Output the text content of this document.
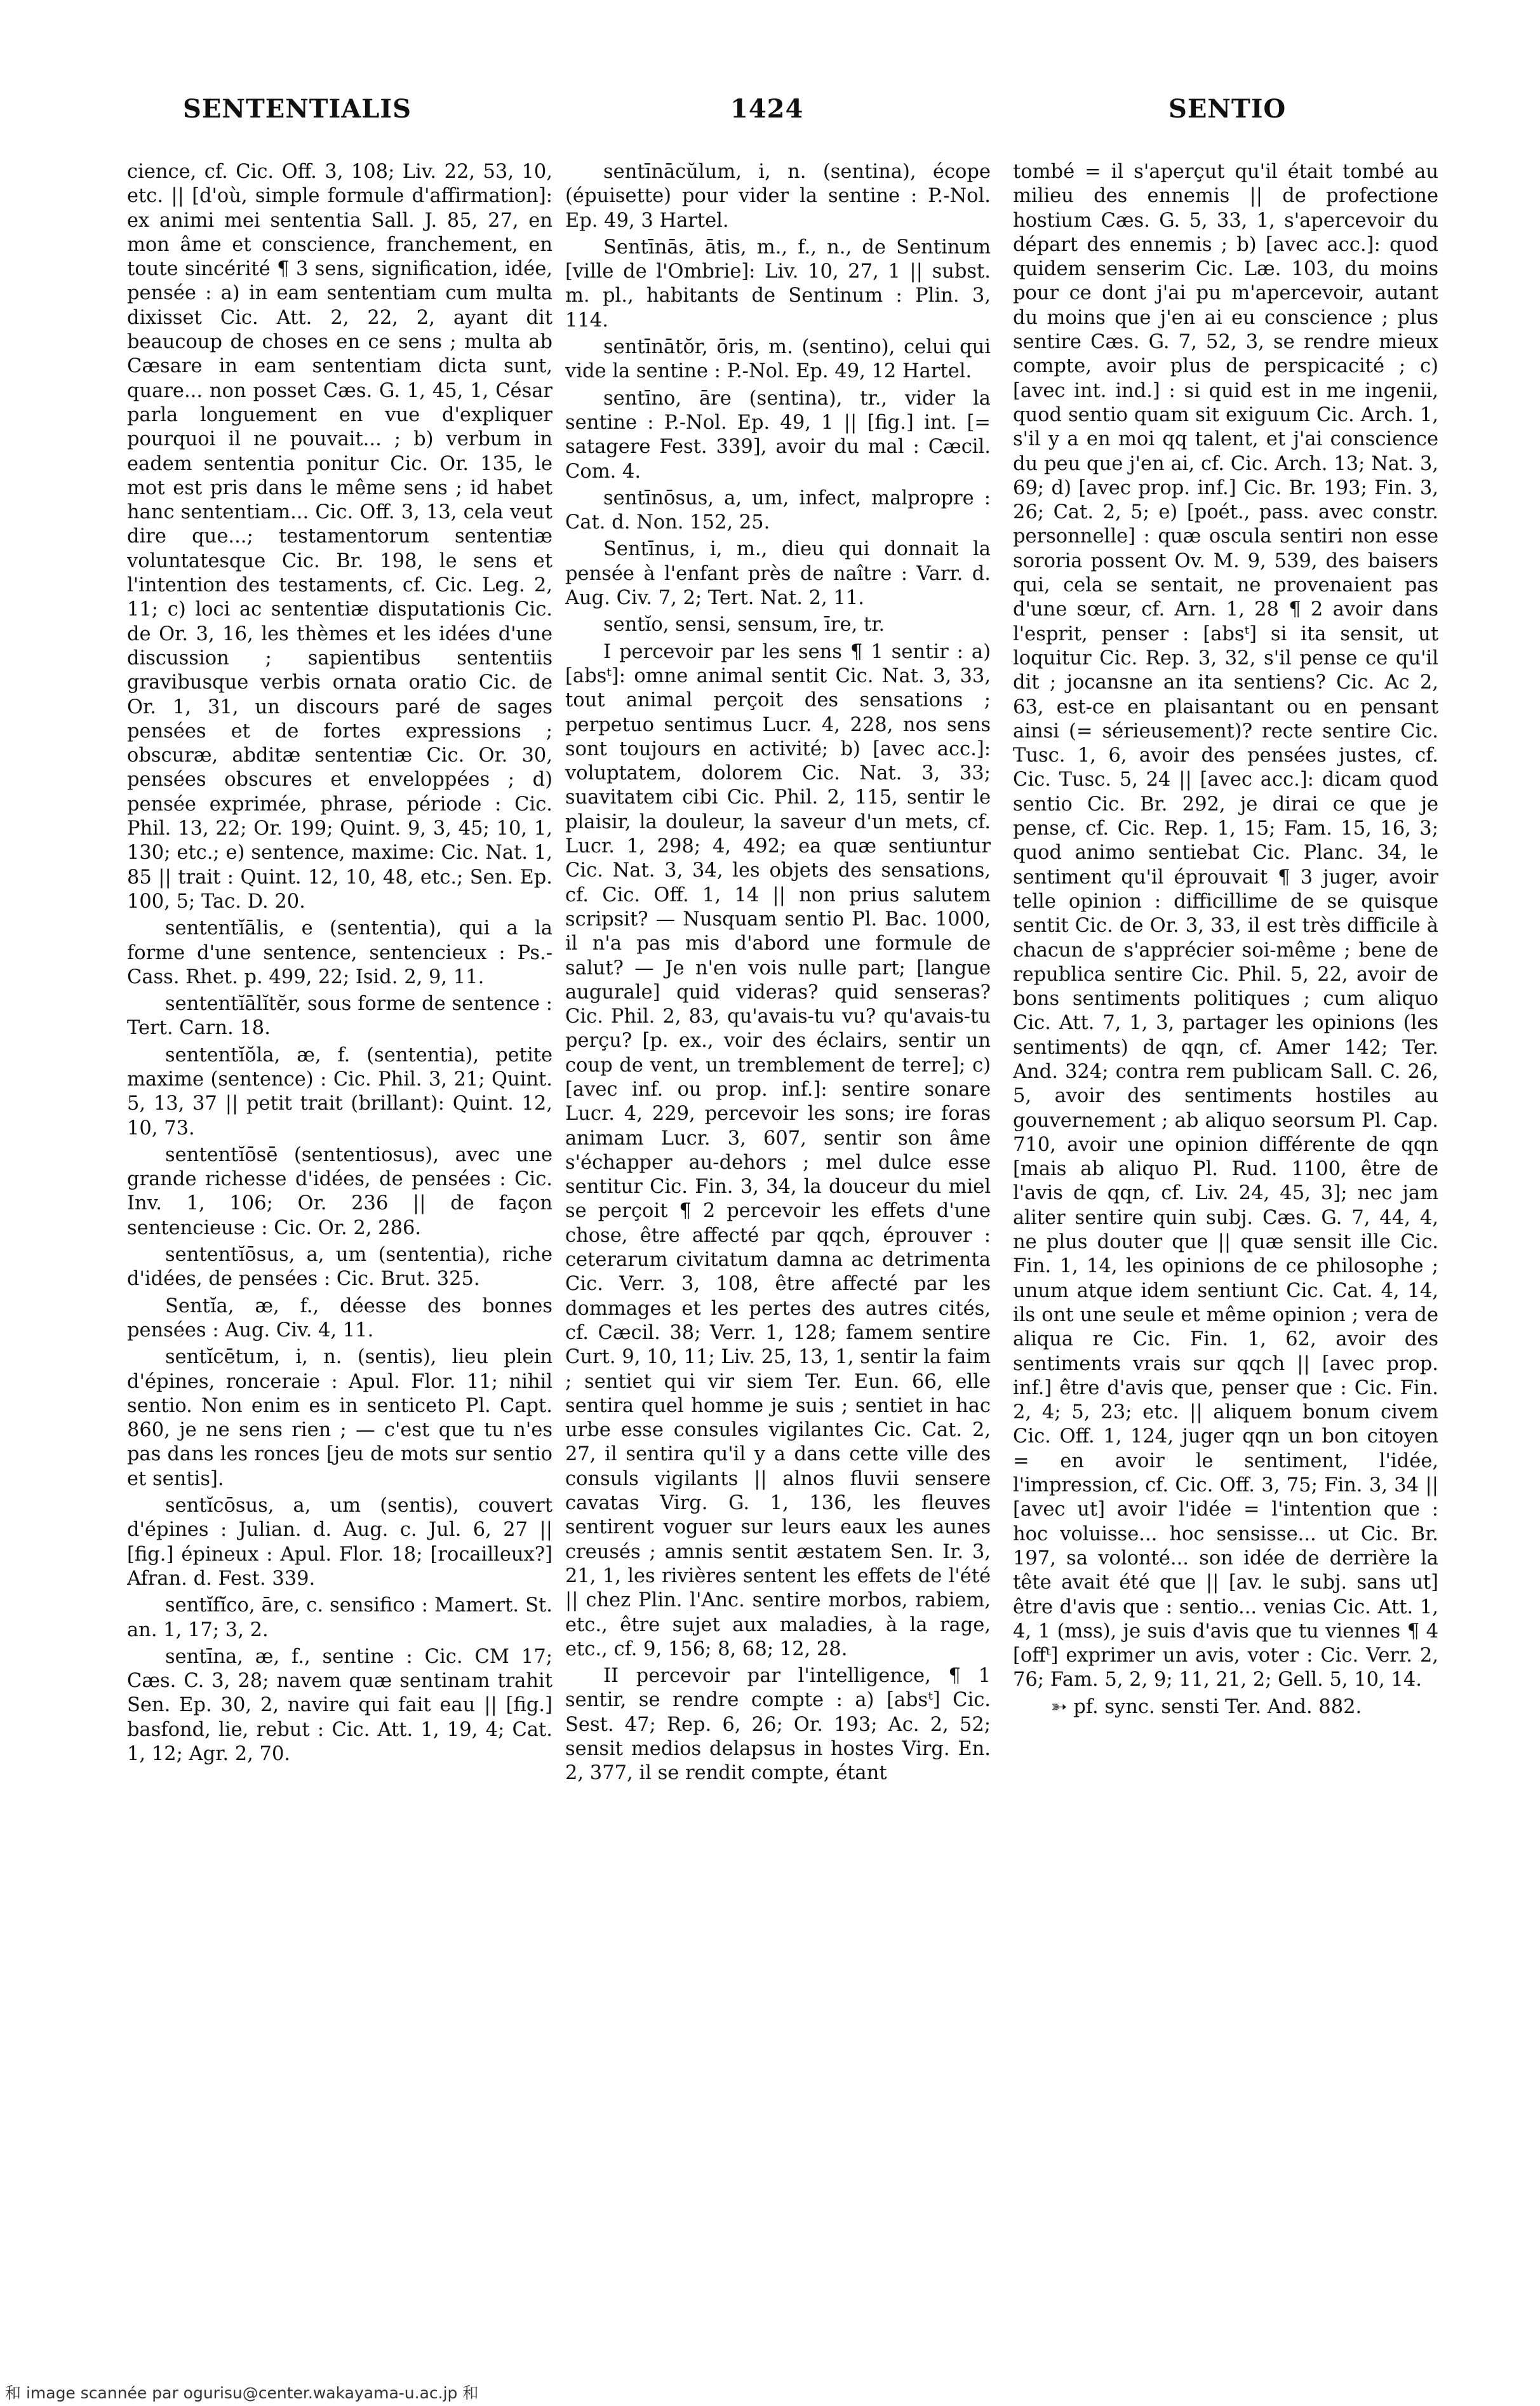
SENTENTIALIS	1424	SENTIO

cience, cf. Cic. Off. 3, 108; Liv. 22, 53, 10, etc. || [d'où, simple formule d'affirmation]: ex animi mei sententia Sall. J. 85, 27, en mon âme et conscience, franchement, en toute sincérité ¶ 3 sens, signification, idée, pensée : a) in eam sententiam cum multa dixisset Cic. Att. 2, 22, 2, ayant dit beaucoup de choses en ce sens ; multa ab Cæsare in eam sententiam dicta sunt, quare... non posset Cæs. G. 1, 45, 1, César parla longuement en vue d'expliquer pourquoi il ne pouvait... ; b) verbum in eadem sententia ponitur Cic. Or. 135, le mot est pris dans le même sens ; id habet hanc sententiam... Cic. Off. 3, 13, cela veut dire que...; testamentorum sententiæ voluntatesque Cic. Br. 198, le sens et l'intention des testaments, cf. Cic. Leg. 2, 11; c) loci ac sententiæ disputationis Cic. de Or. 3, 16, les thèmes et les idées d'une discussion ; sapientibus sententiis gravibusque verbis ornata oratio Cic. de Or. 1, 31, un discours paré de sages pensées et de fortes expressions ; obscuræ, abditæ sententiæ Cic. Or. 30, pensées obscures et enveloppées ; d) pensée exprimée, phrase, période : Cic. Phil. 13, 22; Or. 199; Quint. 9, 3, 45; 10, 1, 130; etc.; e) sentence, maxime: Cic. Nat. 1, 85 || trait : Quint. 12, 10, 48, etc.; Sen. Ep. 100, 5; Tac. D. 20.

sententĭālis, e (sententia), qui a la forme d'une sentence, sentencieux : Ps.-Cass. Rhet. p. 499, 22; Isid. 2, 9, 11.

sententĭālĭtĕr, sous forme de sentence : Tert. Carn. 18.

sententĭŏla, æ, f. (sententia), petite maxime (sentence) : Cic. Phil. 3, 21; Quint. 5, 13, 37 || petit trait (brillant): Quint. 12, 10, 73.

sententĭōsē (sententiosus), avec une grande richesse d'idées, de pensées : Cic. Inv. 1, 106; Or. 236 || de façon sentencieuse : Cic. Or. 2, 286.

sententĭōsus, a, um (sententia), riche d'idées, de pensées : Cic. Brut. 325.

Sentĭa, æ, f., déesse des bonnes pensées : Aug. Civ. 4, 11.

sentĭcētum, i, n. (sentis), lieu plein d'épines, ronceraie : Apul. Flor. 11; nihil sentio. Non enim es in senticeto Pl. Capt. 860, je ne sens rien ; — c'est que tu n'es pas dans les ronces [jeu de mots sur sentio et sentis].

sentĭcōsus, a, um (sentis), couvert d'épines : Julian. d. Aug. c. Jul. 6, 27 || [fig.] épineux : Apul. Flor. 18; [rocailleux?] Afran. d. Fest. 339.

sentĭfĭco, āre, c. sensifico : Mamert. St. an. 1, 17; 3, 2.

sentīna, æ, f., sentine : Cic. CM 17; Cæs. C. 3, 28; navem quæ sentinam trahit Sen. Ep. 30, 2, navire qui fait eau || [fig.] basfond, lie, rebut : Cic. Att. 1, 19, 4; Cat. 1, 12; Agr. 2, 70.

sentīnācŭlum, i, n. (sentina), écope (épuisette) pour vider la sentine : P.-Nol. Ep. 49, 3 Hartel.

Sentīnās, ātis, m., f., n., de Sentinum [ville de l'Ombrie]: Liv. 10, 27, 1 || subst. m. pl., habitants de Sentinum : Plin. 3, 114.

sentīnātŏr, ōris, m. (sentino), celui qui vide la sentine : P.-Nol. Ep. 49, 12 Hartel.

sentīno, āre (sentina), tr., vider la sentine : P.-Nol. Ep. 49, 1 || [fig.] int. [= satagere Fest. 339], avoir du mal : Cæcil. Com. 4.

sentīnōsus, a, um, infect, malpropre : Cat. d. Non. 152, 25.

Sentīnus, i, m., dieu qui donnait la pensée à l'enfant près de naître : Varr. d. Aug. Civ. 7, 2; Tert. Nat. 2, 11.

sentĭo, sensi, sensum, īre, tr.

I percevoir par les sens ¶ 1 sentir : a) [absᵗ]: omne animal sentit Cic. Nat. 3, 33, tout animal perçoit des sensations ; perpetuo sentimus Lucr. 4, 228, nos sens sont toujours en activité; b) [avec acc.]: voluptatem, dolorem Cic. Nat. 3, 33; suavitatem cibi Cic. Phil. 2, 115, sentir le plaisir, la douleur, la saveur d'un mets, cf. Lucr. 1, 298; 4, 492; ea quæ sentiuntur Cic. Nat. 3, 34, les objets des sensations, cf. Cic. Off. 1, 14 || non prius salutem scripsit? — Nusquam sentio Pl. Bac. 1000, il n'a pas mis d'abord une formule de salut? — Je n'en vois nulle part; [langue augurale] quid videras? quid senseras? Cic. Phil. 2, 83, qu'avais-tu vu? qu'avais-tu perçu? [p. ex., voir des éclairs, sentir un coup de vent, un tremblement de terre]; c) [avec inf. ou prop. inf.]: sentire sonare Lucr. 4, 229, percevoir les sons; ire foras animam Lucr. 3, 607, sentir son âme s'échapper au-dehors ; mel dulce esse sentitur Cic. Fin. 3, 34, la douceur du miel se perçoit ¶ 2 percevoir les effets d'une chose, être affecté par qqch, éprouver : ceterarum civitatum damna ac detrimenta Cic. Verr. 3, 108, être affecté par les dommages et les pertes des autres cités, cf. Cæcil. 38; Verr. 1, 128; famem sentire Curt. 9, 10, 11; Liv. 25, 13, 1, sentir la faim ; sentiet qui vir siem Ter. Eun. 66, elle sentira quel homme je suis ; sentiet in hac urbe esse consules vigilantes Cic. Cat. 2, 27, il sentira qu'il y a dans cette ville des consuls vigilants || alnos fluvii sensere cavatas Virg. G. 1, 136, les fleuves sentirent voguer sur leurs eaux les aunes creusés ; amnis sentit æstatem Sen. Ir. 3, 21, 1, les rivières sentent les effets de l'été || chez Plin. l'Anc. sentire morbos, rabiem, etc., être sujet aux maladies, à la rage, etc., cf. 9, 156; 8, 68; 12, 28.

II percevoir par l'intelligence, ¶ 1 sentir, se rendre compte : a) [absᵗ] Cic. Sest. 47; Rep. 6, 26; Or. 193; Ac. 2, 52; sensit medios delapsus in hostes Virg. En. 2, 377, il se rendit compte, étant

tombé = il s'aperçut qu'il était tombé au milieu des ennemis || de profectione hostium Cæs. G. 5, 33, 1, s'apercevoir du départ des ennemis ; b) [avec acc.]: quod quidem senserim Cic. Læ. 103, du moins pour ce dont j'ai pu m'apercevoir, autant du moins que j'en ai eu conscience ; plus sentire Cæs. G. 7, 52, 3, se rendre mieux compte, avoir plus de perspicacité ; c) [avec int. ind.] : si quid est in me ingenii, quod sentio quam sit exiguum Cic. Arch. 1, s'il y a en moi qq talent, et j'ai conscience du peu que j'en ai, cf. Cic. Arch. 13; Nat. 3, 69; d) [avec prop. inf.] Cic. Br. 193; Fin. 3, 26; Cat. 2, 5; e) [poét., pass. avec constr. personnelle] : quæ oscula sentiri non esse sororia possent Ov. M. 9, 539, des baisers qui, cela se sentait, ne provenaient pas d'une sœur, cf. Arn. 1, 28 ¶ 2 avoir dans l'esprit, penser : [absᵗ] si ita sensit, ut loquitur Cic. Rep. 3, 32, s'il pense ce qu'il dit ; jocansne an ita sentiens? Cic. Ac 2, 63, est-ce en plaisantant ou en pensant ainsi (= sérieusement)? recte sentire Cic. Tusc. 1, 6, avoir des pensées justes, cf. Cic. Tusc. 5, 24 || [avec acc.]: dicam quod sentio Cic. Br. 292, je dirai ce que je pense, cf. Cic. Rep. 1, 15; Fam. 15, 16, 3; quod animo sentiebat Cic. Planc. 34, le sentiment qu'il éprouvait ¶ 3 juger, avoir telle opinion : difficillime de se quisque sentit Cic. de Or. 3, 33, il est très difficile à chacun de s'apprécier soi-même ; bene de republica sentire Cic. Phil. 5, 22, avoir de bons sentiments politiques ; cum aliquo Cic. Att. 7, 1, 3, partager les opinions (les sentiments) de qqn, cf. Amer 142; Ter. And. 324; contra rem publicam Sall. C. 26, 5, avoir des sentiments hostiles au gouvernement ; ab aliquo seorsum Pl. Cap. 710, avoir une opinion différente de qqn [mais ab aliquo Pl. Rud. 1100, être de l'avis de qqn, cf. Liv. 24, 45, 3]; nec jam aliter sentire quin subj. Cæs. G. 7, 44, 4, ne plus douter que || quæ sensit ille Cic. Fin. 1, 14, les opinions de ce philosophe ; unum atque idem sentiunt Cic. Cat. 4, 14, ils ont une seule et même opinion ; vera de aliqua re Cic. Fin. 1, 62, avoir des sentiments vrais sur qqch || [avec prop. inf.] être d'avis que, penser que : Cic. Fin. 2, 4; 5, 23; etc. || aliquem bonum civem Cic. Off. 1, 124, juger qqn un bon citoyen = en avoir le sentiment, l'idée, l'impression, cf. Cic. Off. 3, 75; Fin. 3, 34 || [avec ut] avoir l'idée = l'intention que : hoc voluisse... hoc sensisse... ut Cic. Br. 197, sa volonté... son idée de derrière la tête avait été que || [av. le subj. sans ut] être d'avis que : sentio... venias Cic. Att. 1, 4, 1 (mss), je suis d'avis que tu viennes ¶ 4 [offᵗ] exprimer un avis, voter : Cic. Verr. 2, 76; Fam. 5, 2, 9; 11, 21, 2; Gell. 5, 10, 14.

➳ pf. sync. sensti Ter. And. 882.

和 image scannée par ogurisu@center.wakayama-u.ac.jp 和
